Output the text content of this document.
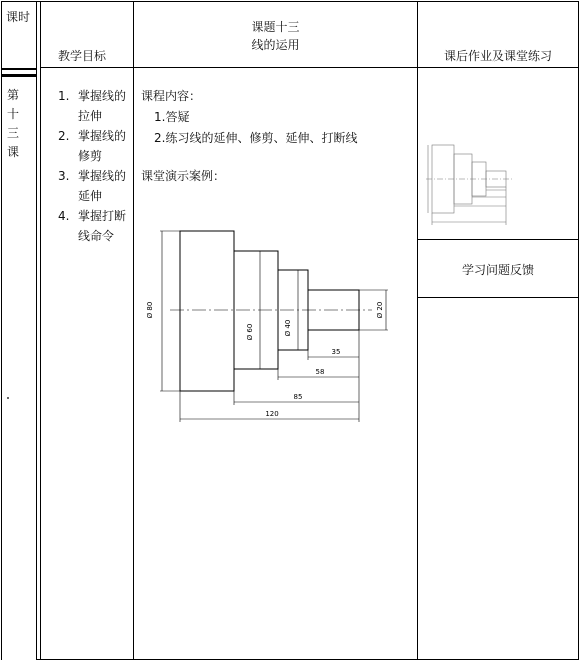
课时
教学目标
课题十三
线的运用
课后作业及课堂练习
第
十
三
课
1. 掌握线的
拉伸
2. 掌握线的
修剪
3. 掌握线的
延伸
4. 掌握打断
线命令
课程内容：
1.答疑
2.练习线的延伸、修剪、延伸、打断线
课堂演示案例：
Ø 80
Ø 60	Ø 40
Ø 20
35
58
85
120
学习问题反馈
